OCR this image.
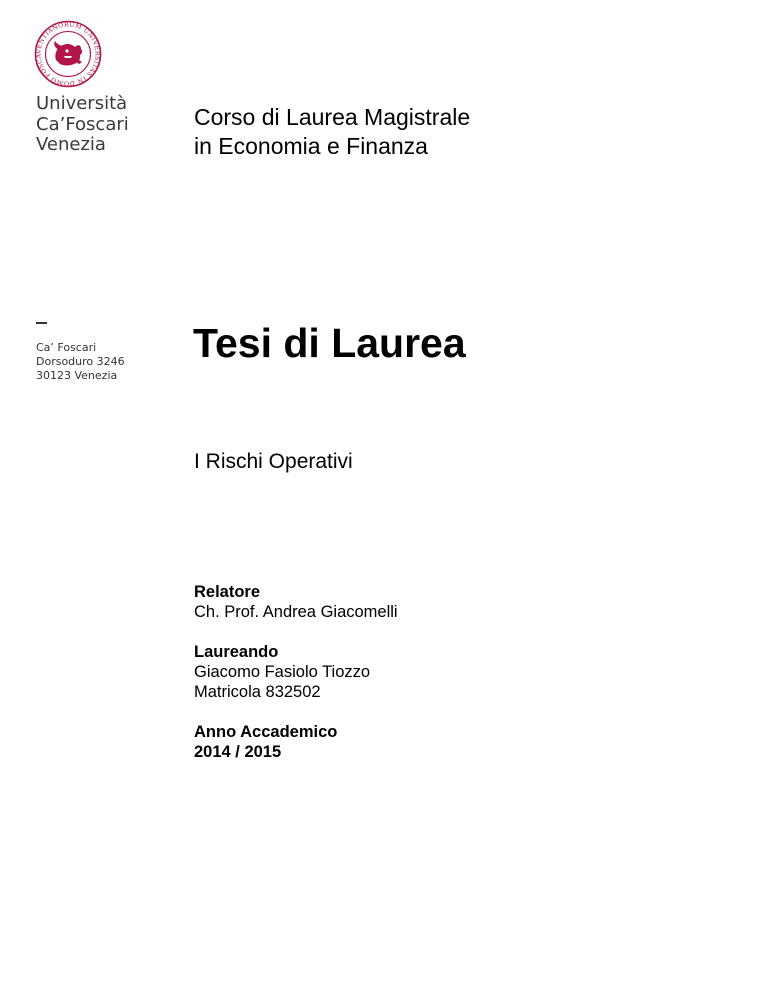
VENTIANORUM UNIVERSITAS IN DOMO FOSCA
Università
Ca’Foscari
Venezia
Corso di Laurea Magistrale
in Economia e Finanza
Ca’ Foscari
Dorsoduro 3246
30123 Venezia
Tesi di Laurea
I Rischi Operativi
Relatore
Ch. Prof. Andrea Giacomelli
Laureando
Giacomo Fasiolo Tiozzo
Matricola 832502
Anno Accademico
2014 / 2015
